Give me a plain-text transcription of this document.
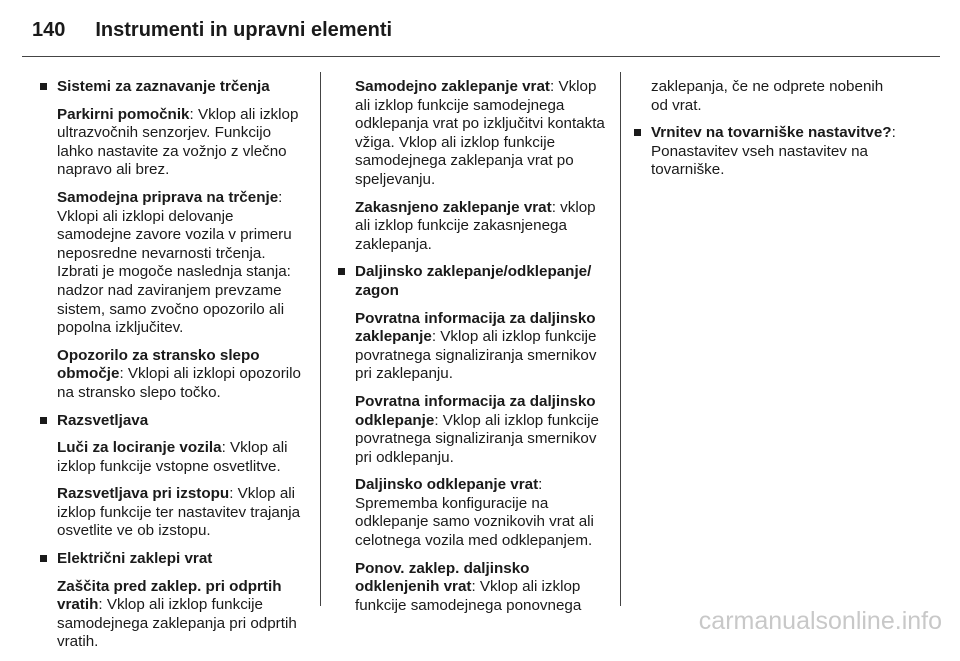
140 Instrumenti in upravni elementi
Sistemi za zaznavanje trčenja
Parkirni pomočnik: Vklop ali izklop ultrazvočnih senzorjev. Funkcijo lahko nastavite za vožnjo z vlečno napravo ali brez.
Samodejna priprava na trčenje: Vklopi ali izklopi delovanje samodejne zavore vozila v primeru neposredne nevarnosti trčenja. Izbrati je mogoče naslednja stanja: nadzor nad zaviranjem prevzame sistem, samo zvočno opozorilo ali popolna izključitev.
Opozorilo za stransko slepo območje: Vklopi ali izklopi opozorilo na stransko slepo točko.
Razsvetljava
Luči za lociranje vozila: Vklop ali izklop funkcije vstopne osvetlitve.
Razsvetljava pri izstopu: Vklop ali izklop funkcije ter nastavitev trajanja osvetlite ve ob izstopu.
Električni zaklepi vrat
Zaščita pred zaklep. pri odprtih vratih: Vklop ali izklop funkcije samodejnega zaklepanja pri odprtih vratih.
Samodejno zaklepanje vrat: Vklop ali izklop funkcije samodejnega odklepanja vrat po izključitvi kontakta vžiga. Vklop ali izklop funkcije samodejnega zaklepanja vrat po speljevanju.
Zakasnjeno zaklepanje vrat: vklop ali izklop funkcije zakasnjenega zaklepanja.
Daljinsko zaklepanje/odklepanje/ zagon
Povratna informacija za daljinsko zaklepanje: Vklop ali izklop funkcije povratnega signaliziranja smernikov pri zaklepanju.
Povratna informacija za daljinsko odklepanje: Vklop ali izklop funkcije povratnega signaliziranja smernikov pri odklepanju.
Daljinsko odklepanje vrat: Sprememba konfiguracije na odklepanje samo voznikovih vrat ali celotnega vozila med odklepanjem.
Ponov. zaklep. daljinsko odklenjenih vrat: Vklop ali izklop funkcije samodejnega ponovnega
zaklepanja, če ne odprete nobenih od vrat.
Vrnitev na tovarniške nastavitve?: Ponastavitev vseh nastavitev na tovarniške.
carmanualsonline.info
